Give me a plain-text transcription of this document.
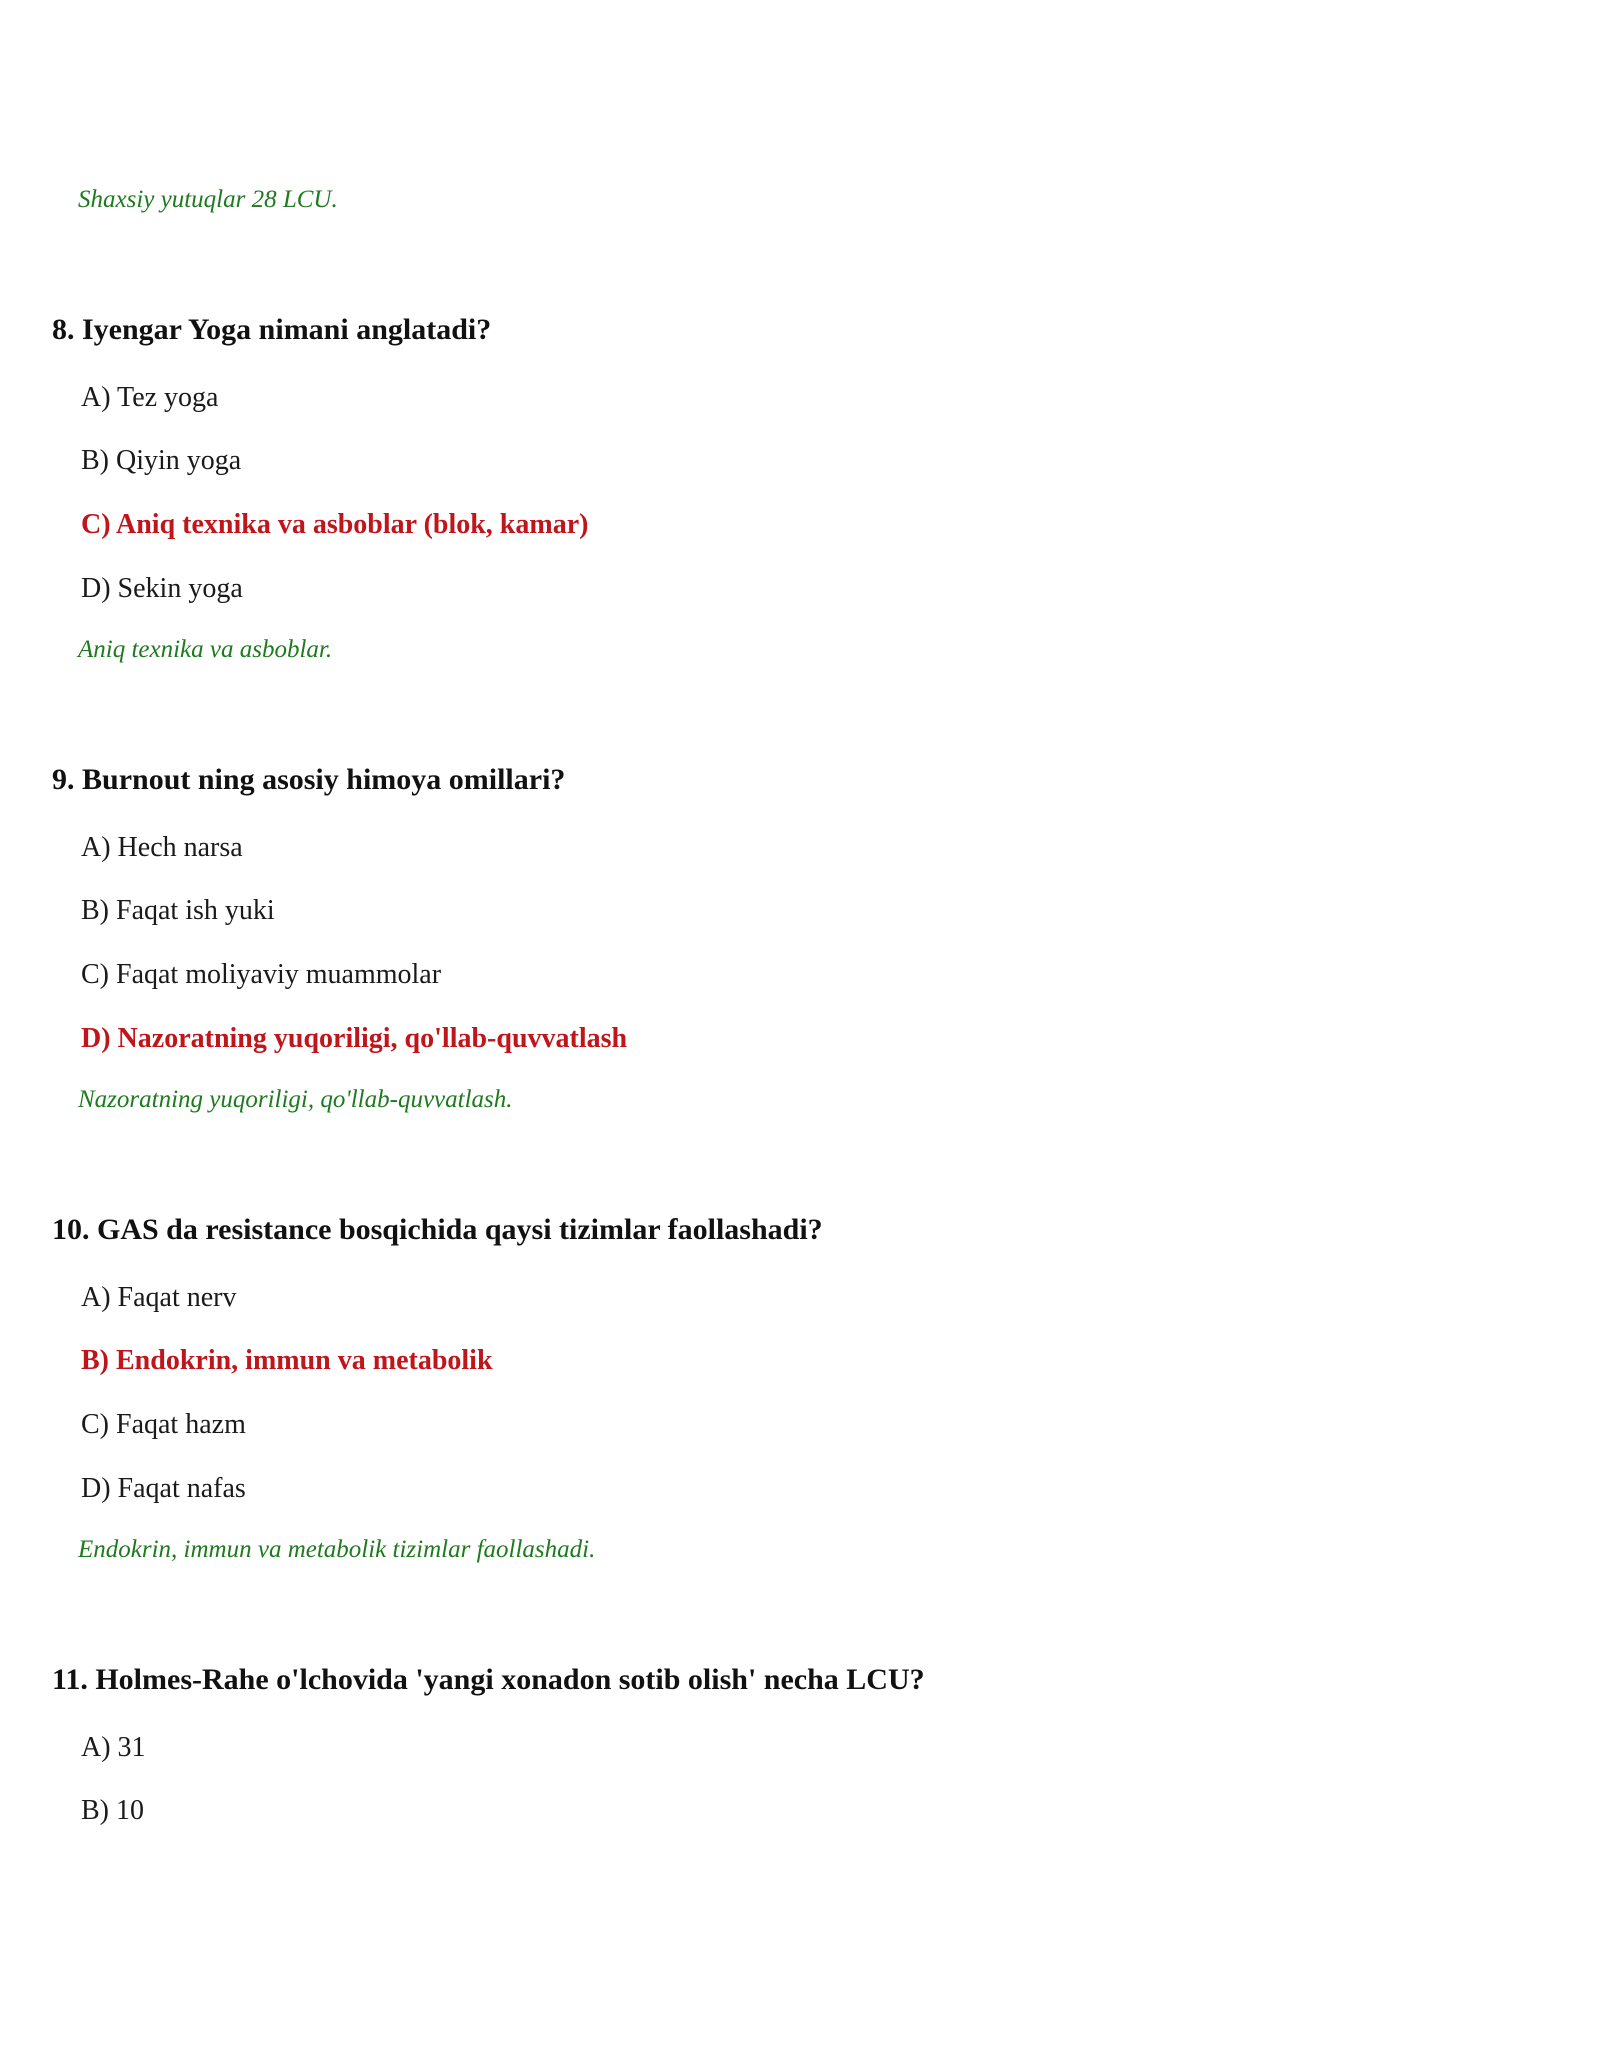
Shaxsiy yutuqlar 28 LCU.
8. Iyengar Yoga nimani anglatadi?
A) Tez yoga
B) Qiyin yoga
C) Aniq texnika va asboblar (blok, kamar)
D) Sekin yoga
Aniq texnika va asboblar.
9. Burnout ning asosiy himoya omillari?
A) Hech narsa
B) Faqat ish yuki
C) Faqat moliyaviy muammolar
D) Nazoratning yuqoriligi, qo'llab-quvvatlash
Nazoratning yuqoriligi, qo'llab-quvvatlash.
10. GAS da resistance bosqichida qaysi tizimlar faollashadi?
A) Faqat nerv
B) Endokrin, immun va metabolik
C) Faqat hazm
D) Faqat nafas
Endokrin, immun va metabolik tizimlar faollashadi.
11. Holmes-Rahe o'lchovida 'yangi xonadon sotib olish' necha LCU?
A) 31
B) 10
